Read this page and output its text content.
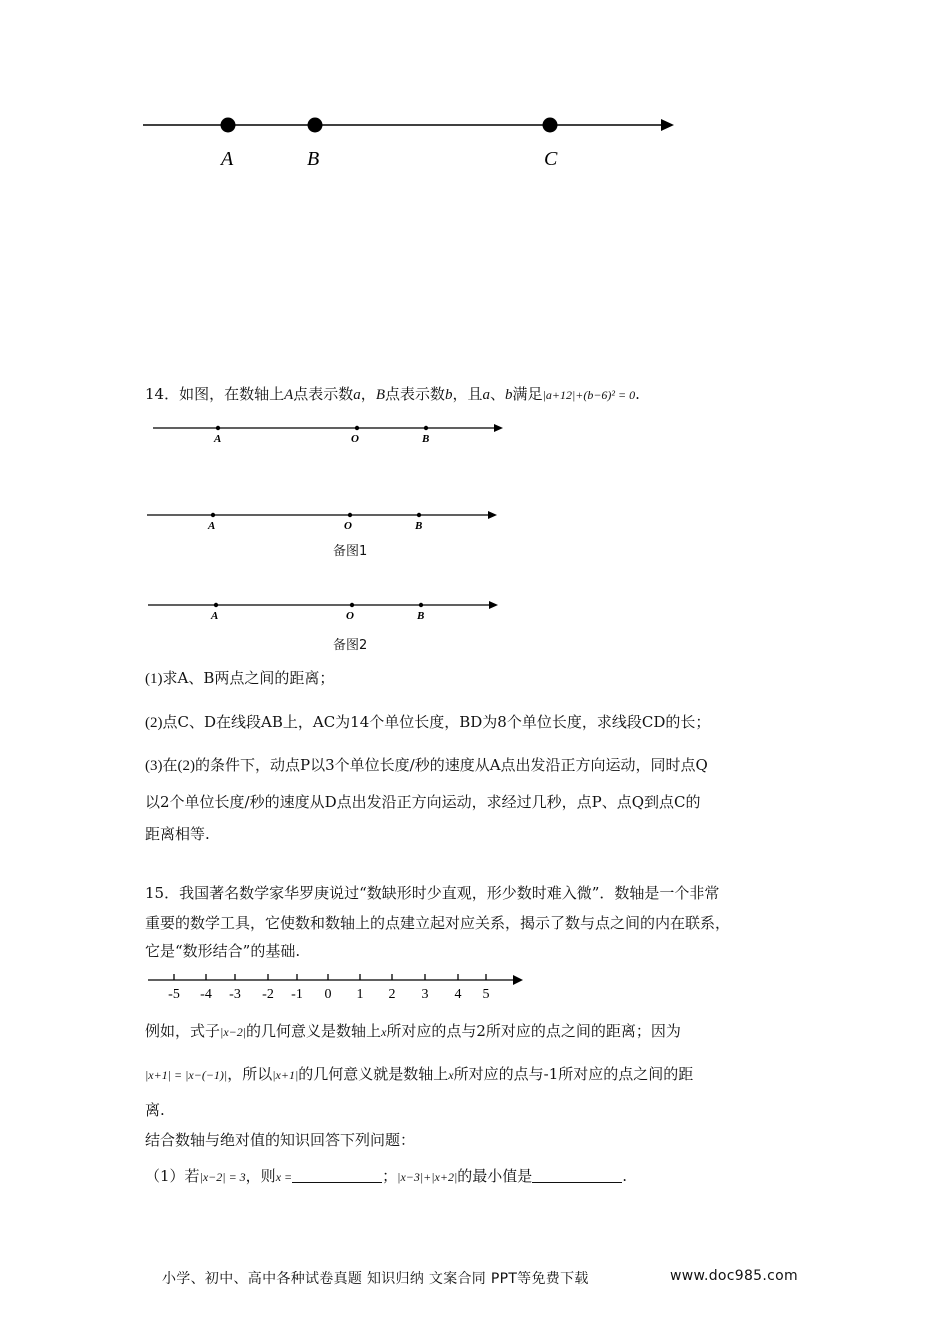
A	B	C
14．如图，在数轴上A点表示数a，B点表示数b，且a、b满足|a+12|+(b−6)² = 0.
A	O	B
A	O	B
备图1
A	O	B
备图2
(1)求A、B两点之间的距离；
(2)点C、D在线段AB上，AC为14个单位长度，BD为8个单位长度，求线段CD的长；
(3)在(2)的条件下，动点P以3个单位长度/秒的速度从A点出发沿正方向运动，同时点Q
以2个单位长度/秒的速度从D点出发沿正方向运动，求经过几秒，点P、点Q到点C的
距离相等.
15．我国著名数学家华罗庚说过“数缺形时少直观，形少数时难入微”．数轴是一个非常
重要的数学工具，它使数和数轴上的点建立起对应关系，揭示了数与点之间的内在联系，
它是“数形结合”的基础.
-5 -4 -3 -2 -1 0 1 2 3 4 5
例如，式子|x−2|的几何意义是数轴上x所对应的点与2所对应的点之间的距离；因为
|x+1| = |x−(−1)|，所以|x+1|的几何意义就是数轴上x所对应的点与-1所对应的点之间的距
离.
结合数轴与绝对值的知识回答下列问题：
（1）若|x−2| = 3，则x =	；|x−3|+|x+2|的最小值是	.
小学、初中、高中各种试卷真题 知识归纳 文案合同 PPT等免费下载	www.doc985.com
